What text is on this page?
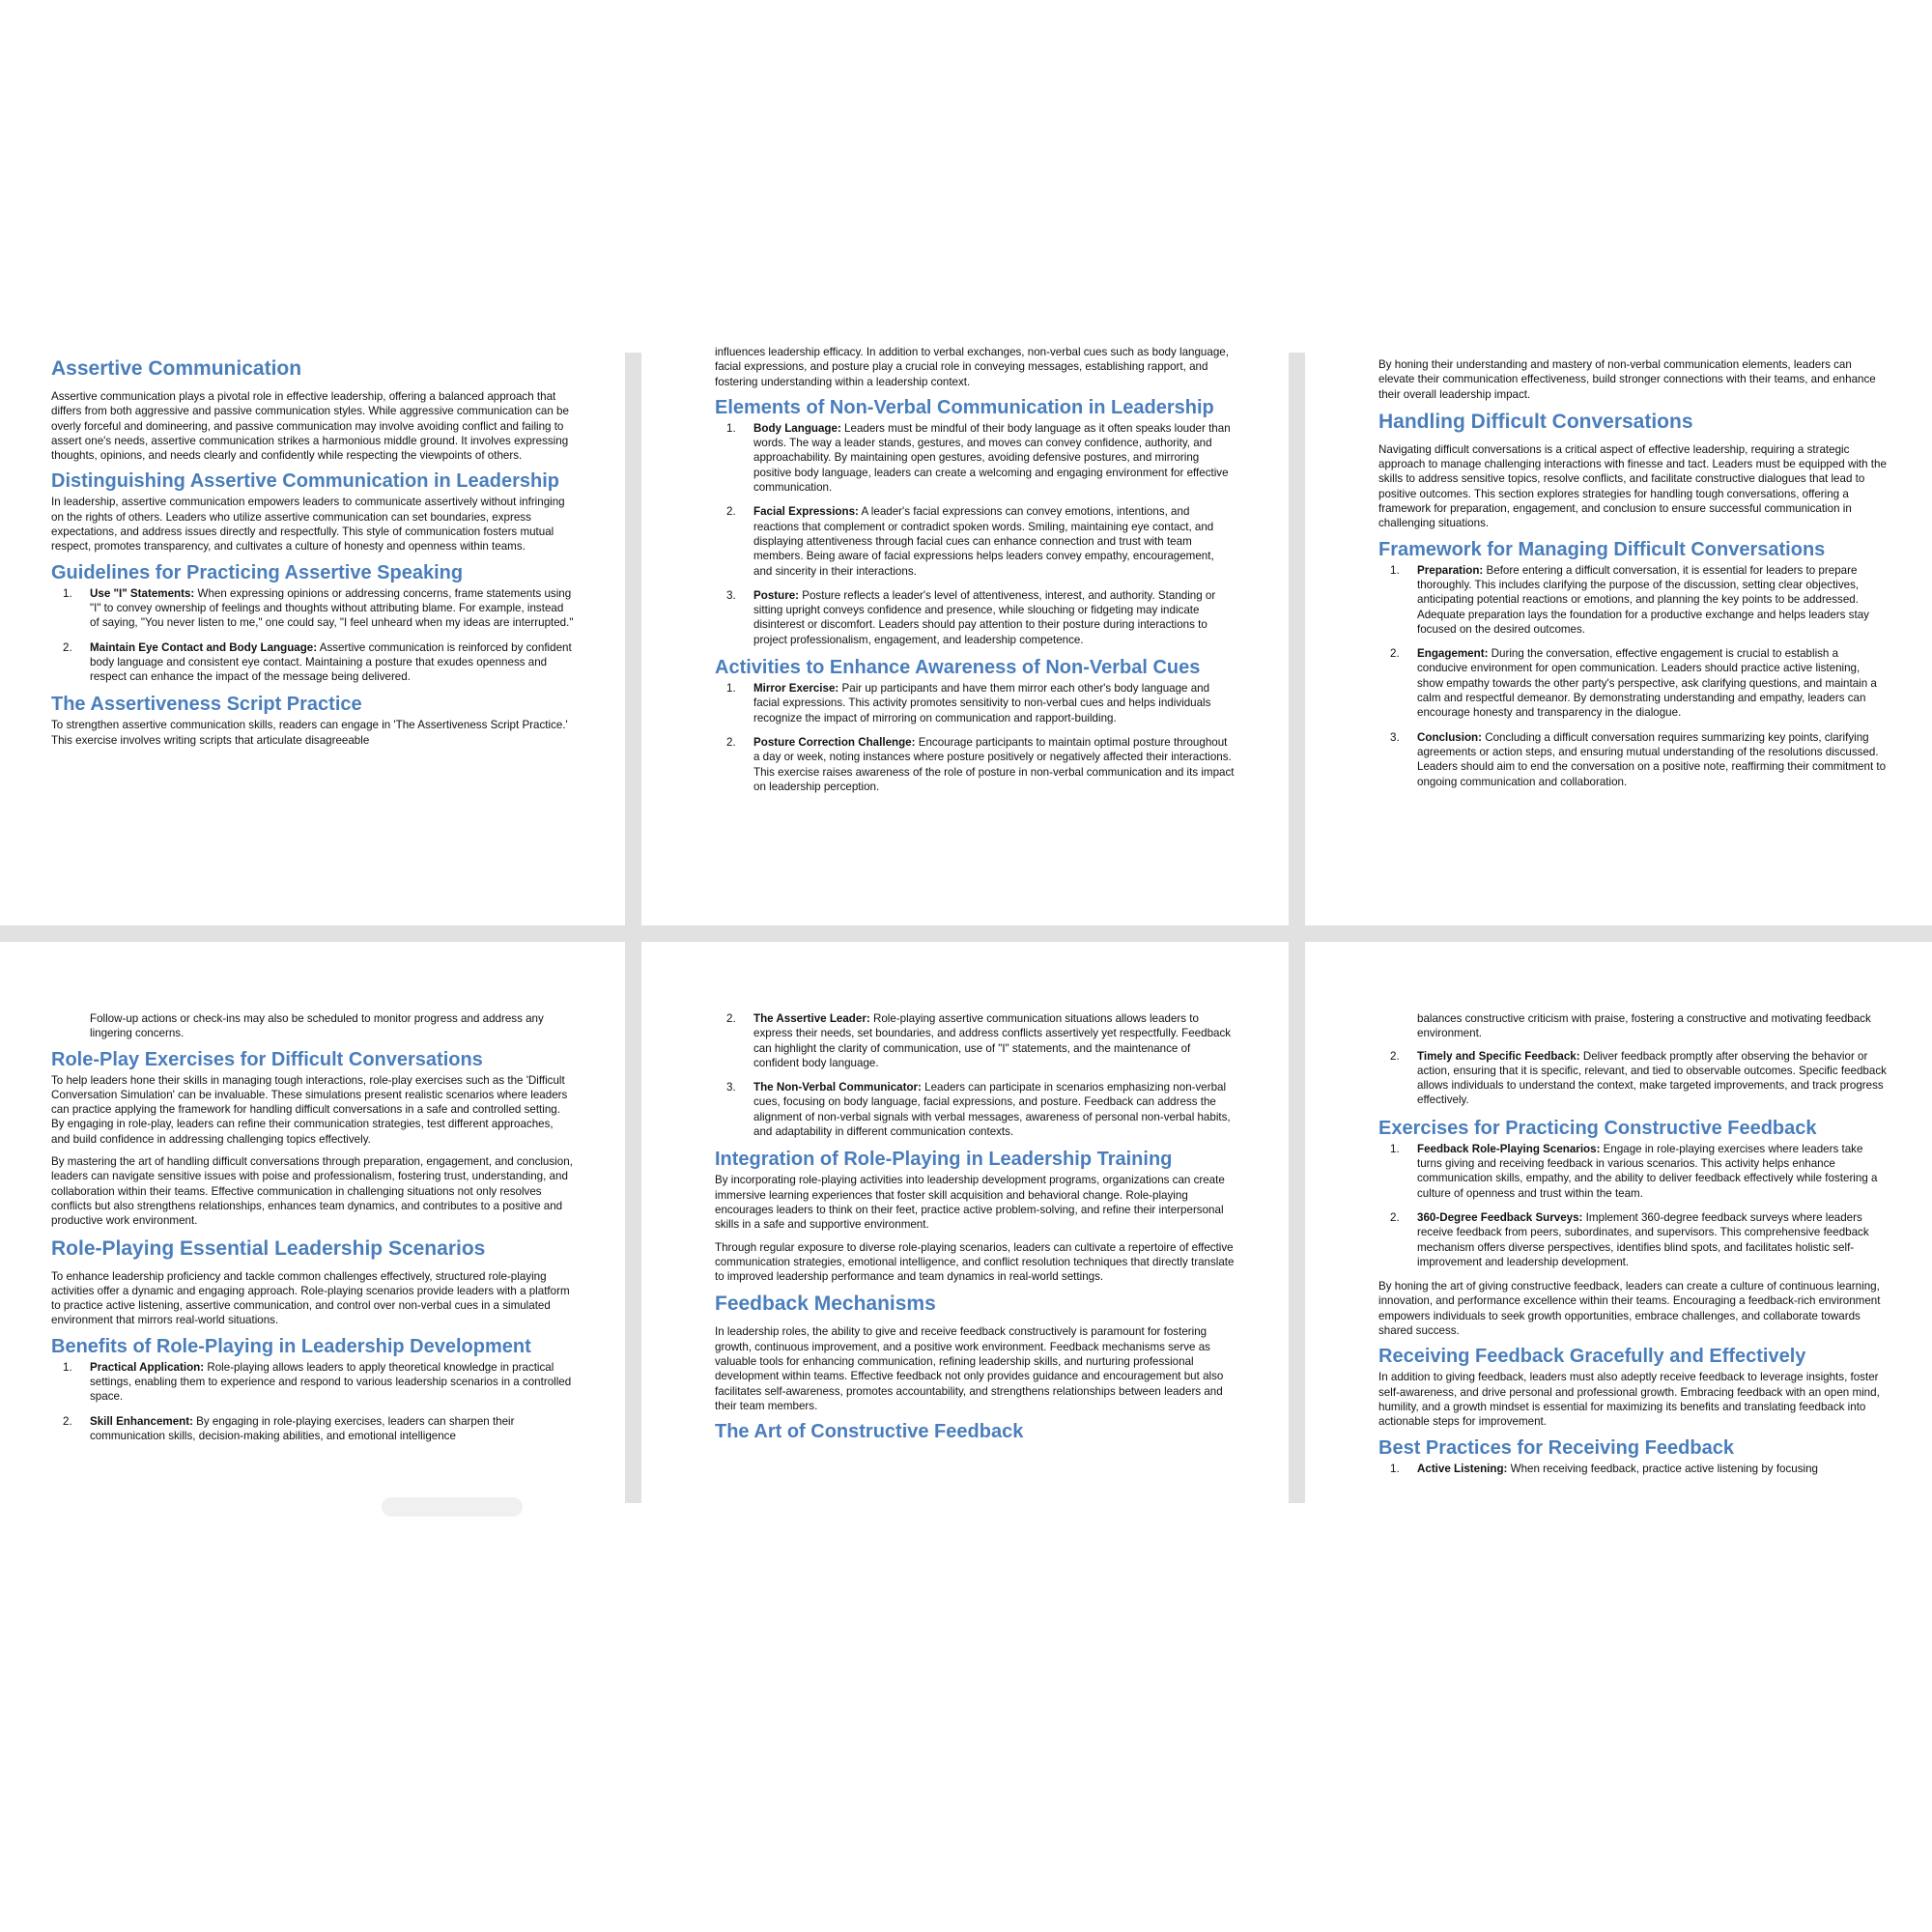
Assertive Communication
Assertive communication plays a pivotal role in effective leadership, offering a balanced approach that differs from both aggressive and passive communication styles. While aggressive communication can be overly forceful and domineering, and passive communication may involve avoiding conflict and failing to assert one's needs, assertive communication strikes a harmonious middle ground. It involves expressing thoughts, opinions, and needs clearly and confidently while respecting the viewpoints of others.
Distinguishing Assertive Communication in Leadership
In leadership, assertive communication empowers leaders to communicate assertively without infringing on the rights of others. Leaders who utilize assertive communication can set boundaries, express expectations, and address issues directly and respectfully. This style of communication fosters mutual respect, promotes transparency, and cultivates a culture of honesty and openness within teams.
Guidelines for Practicing Assertive Speaking
1. Use "I" Statements: When expressing opinions or addressing concerns, frame statements using "I" to convey ownership of feelings and thoughts without attributing blame. For example, instead of saying, "You never listen to me," one could say, "I feel unheard when my ideas are interrupted."
2. Maintain Eye Contact and Body Language: Assertive communication is reinforced by confident body language and consistent eye contact. Maintaining a posture that exudes openness and respect can enhance the impact of the message being delivered.
The Assertiveness Script Practice
To strengthen assertive communication skills, readers can engage in 'The Assertiveness Script Practice.' This exercise involves writing scripts that articulate disagreeable
influences leadership efficacy. In addition to verbal exchanges, non-verbal cues such as body language, facial expressions, and posture play a crucial role in conveying messages, establishing rapport, and fostering understanding within a leadership context.
Elements of Non-Verbal Communication in Leadership
1. Body Language: Leaders must be mindful of their body language as it often speaks louder than words. The way a leader stands, gestures, and moves can convey confidence, authority, and approachability. By maintaining open gestures, avoiding defensive postures, and mirroring positive body language, leaders can create a welcoming and engaging environment for effective communication.
2. Facial Expressions: A leader's facial expressions can convey emotions, intentions, and reactions that complement or contradict spoken words. Smiling, maintaining eye contact, and displaying attentiveness through facial cues can enhance connection and trust with team members. Being aware of facial expressions helps leaders convey empathy, encouragement, and sincerity in their interactions.
3. Posture: Posture reflects a leader's level of attentiveness, interest, and authority. Standing or sitting upright conveys confidence and presence, while slouching or fidgeting may indicate disinterest or discomfort. Leaders should pay attention to their posture during interactions to project professionalism, engagement, and leadership competence.
Activities to Enhance Awareness of Non-Verbal Cues
1. Mirror Exercise: Pair up participants and have them mirror each other's body language and facial expressions. This activity promotes sensitivity to non-verbal cues and helps individuals recognize the impact of mirroring on communication and rapport-building.
2. Posture Correction Challenge: Encourage participants to maintain optimal posture throughout a day or week, noting instances where posture positively or negatively affected their interactions. This exercise raises awareness of the role of posture in non-verbal communication and its impact on leadership perception.
By honing their understanding and mastery of non-verbal communication elements, leaders can elevate their communication effectiveness, build stronger connections with their teams, and enhance their overall leadership impact.
Handling Difficult Conversations
Navigating difficult conversations is a critical aspect of effective leadership, requiring a strategic approach to manage challenging interactions with finesse and tact. Leaders must be equipped with the skills to address sensitive topics, resolve conflicts, and facilitate constructive dialogues that lead to positive outcomes. This section explores strategies for handling tough conversations, offering a framework for preparation, engagement, and conclusion to ensure successful communication in challenging situations.
Framework for Managing Difficult Conversations
1. Preparation: Before entering a difficult conversation, it is essential for leaders to prepare thoroughly. This includes clarifying the purpose of the discussion, setting clear objectives, anticipating potential reactions or emotions, and planning the key points to be addressed. Adequate preparation lays the foundation for a productive exchange and helps leaders stay focused on the desired outcomes.
2. Engagement: During the conversation, effective engagement is crucial to establish a conducive environment for open communication. Leaders should practice active listening, show empathy towards the other party's perspective, ask clarifying questions, and maintain a calm and respectful demeanor. By demonstrating understanding and empathy, leaders can encourage honesty and transparency in the dialogue.
3. Conclusion: Concluding a difficult conversation requires summarizing key points, clarifying agreements or action steps, and ensuring mutual understanding of the resolutions discussed. Leaders should aim to end the conversation on a positive note, reaffirming their commitment to ongoing communication and collaboration.
Follow-up actions or check-ins may also be scheduled to monitor progress and address any lingering concerns.
Role-Play Exercises for Difficult Conversations
To help leaders hone their skills in managing tough interactions, role-play exercises such as the 'Difficult Conversation Simulation' can be invaluable. These simulations present realistic scenarios where leaders can practice applying the framework for handling difficult conversations in a safe and controlled setting. By engaging in role-play, leaders can refine their communication strategies, test different approaches, and build confidence in addressing challenging topics effectively.
By mastering the art of handling difficult conversations through preparation, engagement, and conclusion, leaders can navigate sensitive issues with poise and professionalism, fostering trust, understanding, and collaboration within their teams. Effective communication in challenging situations not only resolves conflicts but also strengthens relationships, enhances team dynamics, and contributes to a positive and productive work environment.
Role-Playing Essential Leadership Scenarios
To enhance leadership proficiency and tackle common challenges effectively, structured role-playing activities offer a dynamic and engaging approach. Role-playing scenarios provide leaders with a platform to practice active listening, assertive communication, and control over non-verbal cues in a simulated environment that mirrors real-world situations.
Benefits of Role-Playing in Leadership Development
1. Practical Application: Role-playing allows leaders to apply theoretical knowledge in practical settings, enabling them to experience and respond to various leadership scenarios in a controlled space.
2. Skill Enhancement: By engaging in role-playing exercises, leaders can sharpen their communication skills, decision-making abilities, and emotional intelligence
2. The Assertive Leader: Role-playing assertive communication situations allows leaders to express their needs, set boundaries, and address conflicts assertively yet respectfully. Feedback can highlight the clarity of communication, use of "I" statements, and the maintenance of confident body language.
3. The Non-Verbal Communicator: Leaders can participate in scenarios emphasizing non-verbal cues, focusing on body language, facial expressions, and posture. Feedback can address the alignment of non-verbal signals with verbal messages, awareness of personal non-verbal habits, and adaptability in different communication contexts.
Integration of Role-Playing in Leadership Training
By incorporating role-playing activities into leadership development programs, organizations can create immersive learning experiences that foster skill acquisition and behavioral change. Role-playing encourages leaders to think on their feet, practice active problem-solving, and refine their interpersonal skills in a safe and supportive environment.
Through regular exposure to diverse role-playing scenarios, leaders can cultivate a repertoire of effective communication strategies, emotional intelligence, and conflict resolution techniques that directly translate to improved leadership performance and team dynamics in real-world settings.
Feedback Mechanisms
In leadership roles, the ability to give and receive feedback constructively is paramount for fostering growth, continuous improvement, and a positive work environment. Feedback mechanisms serve as valuable tools for enhancing communication, refining leadership skills, and nurturing professional development within teams. Effective feedback not only provides guidance and encouragement but also facilitates self-awareness, promotes accountability, and strengthens relationships between leaders and their team members.
The Art of Constructive Feedback
balances constructive criticism with praise, fostering a constructive and motivating feedback environment.
2. Timely and Specific Feedback: Deliver feedback promptly after observing the behavior or action, ensuring that it is specific, relevant, and tied to observable outcomes. Specific feedback allows individuals to understand the context, make targeted improvements, and track progress effectively.
Exercises for Practicing Constructive Feedback
1. Feedback Role-Playing Scenarios: Engage in role-playing exercises where leaders take turns giving and receiving feedback in various scenarios. This activity helps enhance communication skills, empathy, and the ability to deliver feedback effectively while fostering a culture of openness and trust within the team.
2. 360-Degree Feedback Surveys: Implement 360-degree feedback surveys where leaders receive feedback from peers, subordinates, and supervisors. This comprehensive feedback mechanism offers diverse perspectives, identifies blind spots, and facilitates holistic self-improvement and leadership development.
By honing the art of giving constructive feedback, leaders can create a culture of continuous learning, innovation, and performance excellence within their teams. Encouraging a feedback-rich environment empowers individuals to seek growth opportunities, embrace challenges, and collaborate towards shared success.
Receiving Feedback Gracefully and Effectively
In addition to giving feedback, leaders must also adeptly receive feedback to leverage insights, foster self-awareness, and drive personal and professional growth. Embracing feedback with an open mind, humility, and a growth mindset is essential for maximizing its benefits and translating feedback into actionable steps for improvement.
Best Practices for Receiving Feedback
1. Active Listening: When receiving feedback, practice active listening by focusing
